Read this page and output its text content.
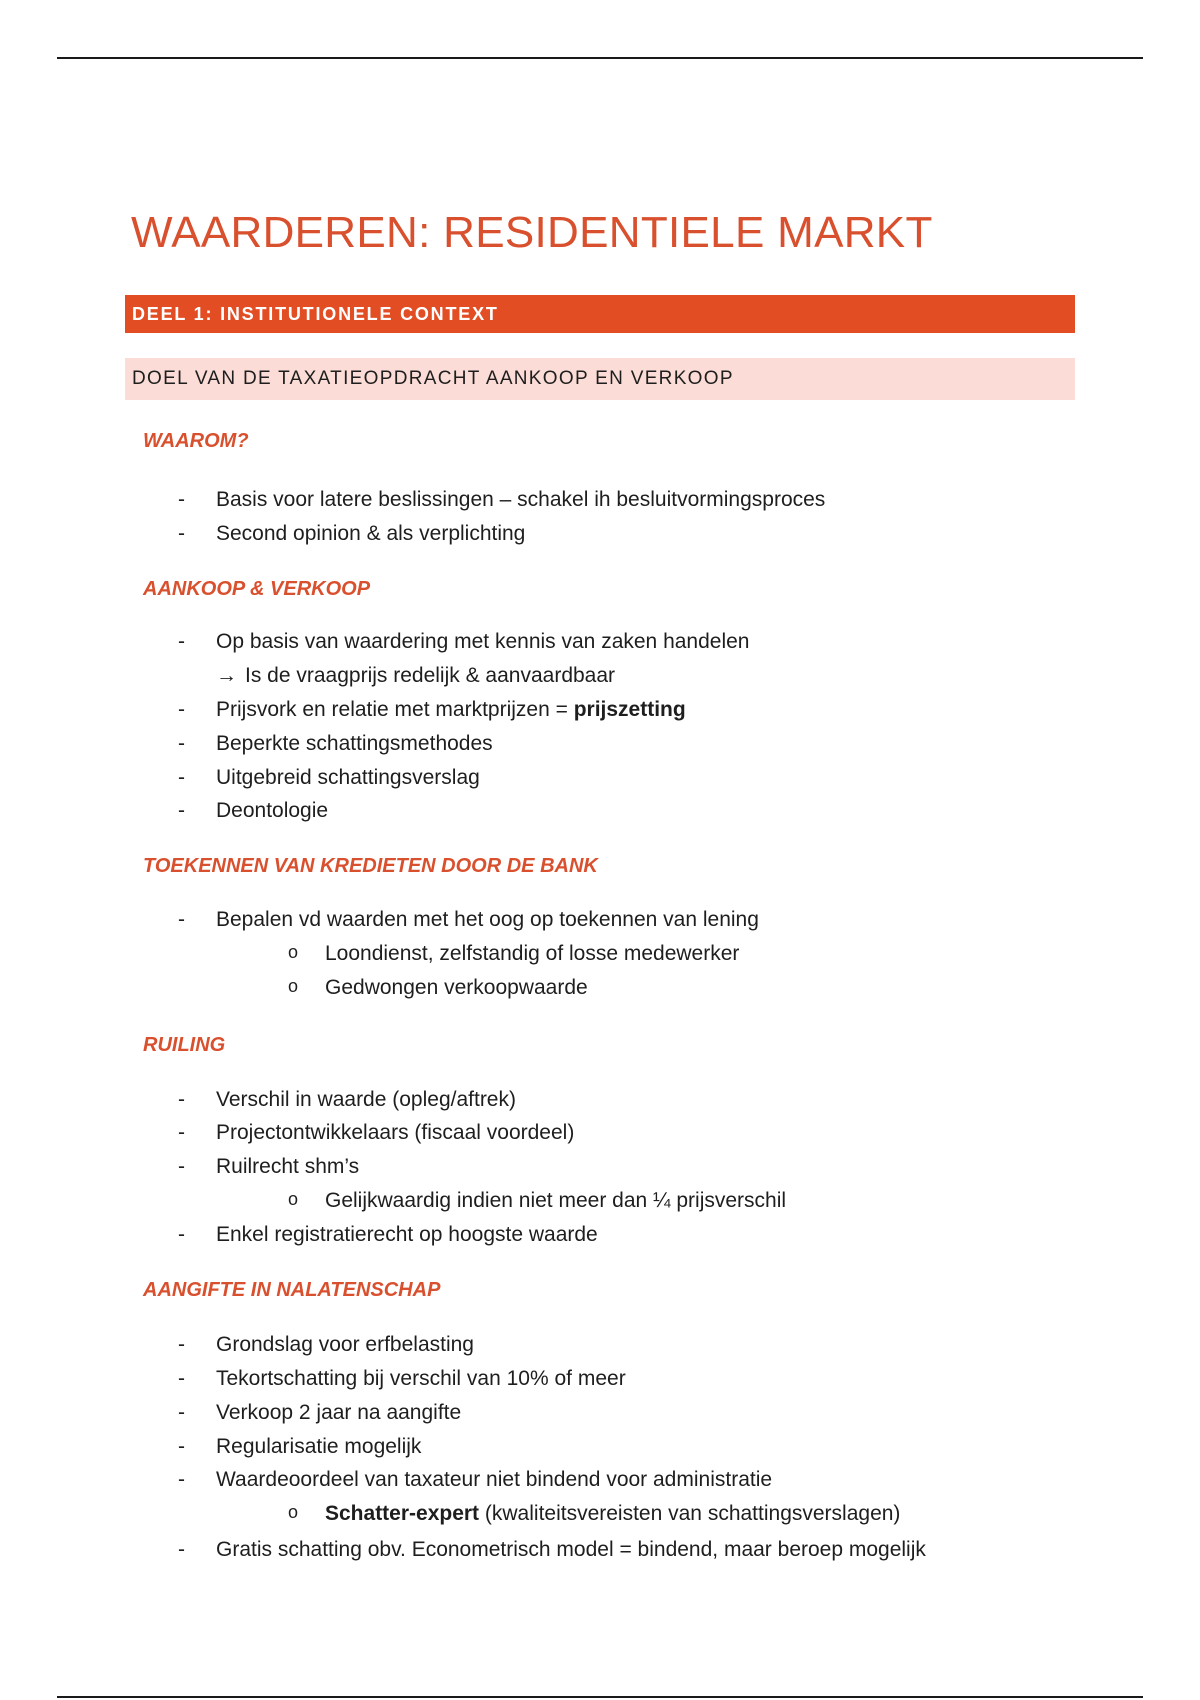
WAARDEREN: RESIDENTIELE MARKT
DEEL 1: INSTITUTIONELE CONTEXT
DOEL VAN DE TAXATIEOPDRACHT AANKOOP EN VERKOOP
WAAROM?
- Basis voor latere beslissingen – schakel ih besluitvormingsproces
- Second opinion & als verplichting
AANKOOP & VERKOOP
- Op basis van waardering met kennis van zaken handelen
→ Is de vraagprijs redelijk & aanvaardbaar
- Prijsvork en relatie met marktprijzen = prijszetting
- Beperkte schattingsmethodes
- Uitgebreid schattingsverslag
- Deontologie
TOEKENNEN VAN KREDIETEN DOOR DE BANK
- Bepalen vd waarden met het oog op toekennen van lening
o Loondienst, zelfstandig of losse medewerker
o Gedwongen verkoopwaarde
RUILING
- Verschil in waarde (opleg/aftrek)
- Projectontwikkelaars (fiscaal voordeel)
- Ruilrecht shm’s
o Gelijkwaardig indien niet meer dan ¼ prijsverschil
- Enkel registratierecht op hoogste waarde
AANGIFTE IN NALATENSCHAP
- Grondslag voor erfbelasting
- Tekortschatting bij verschil van 10% of meer
- Verkoop 2 jaar na aangifte
- Regularisatie mogelijk
- Waardeoordeel van taxateur niet bindend voor administratie
o Schatter-expert (kwaliteitsvereisten van schattingsverslagen)
- Gratis schatting obv. Econometrisch model = bindend, maar beroep mogelijk
